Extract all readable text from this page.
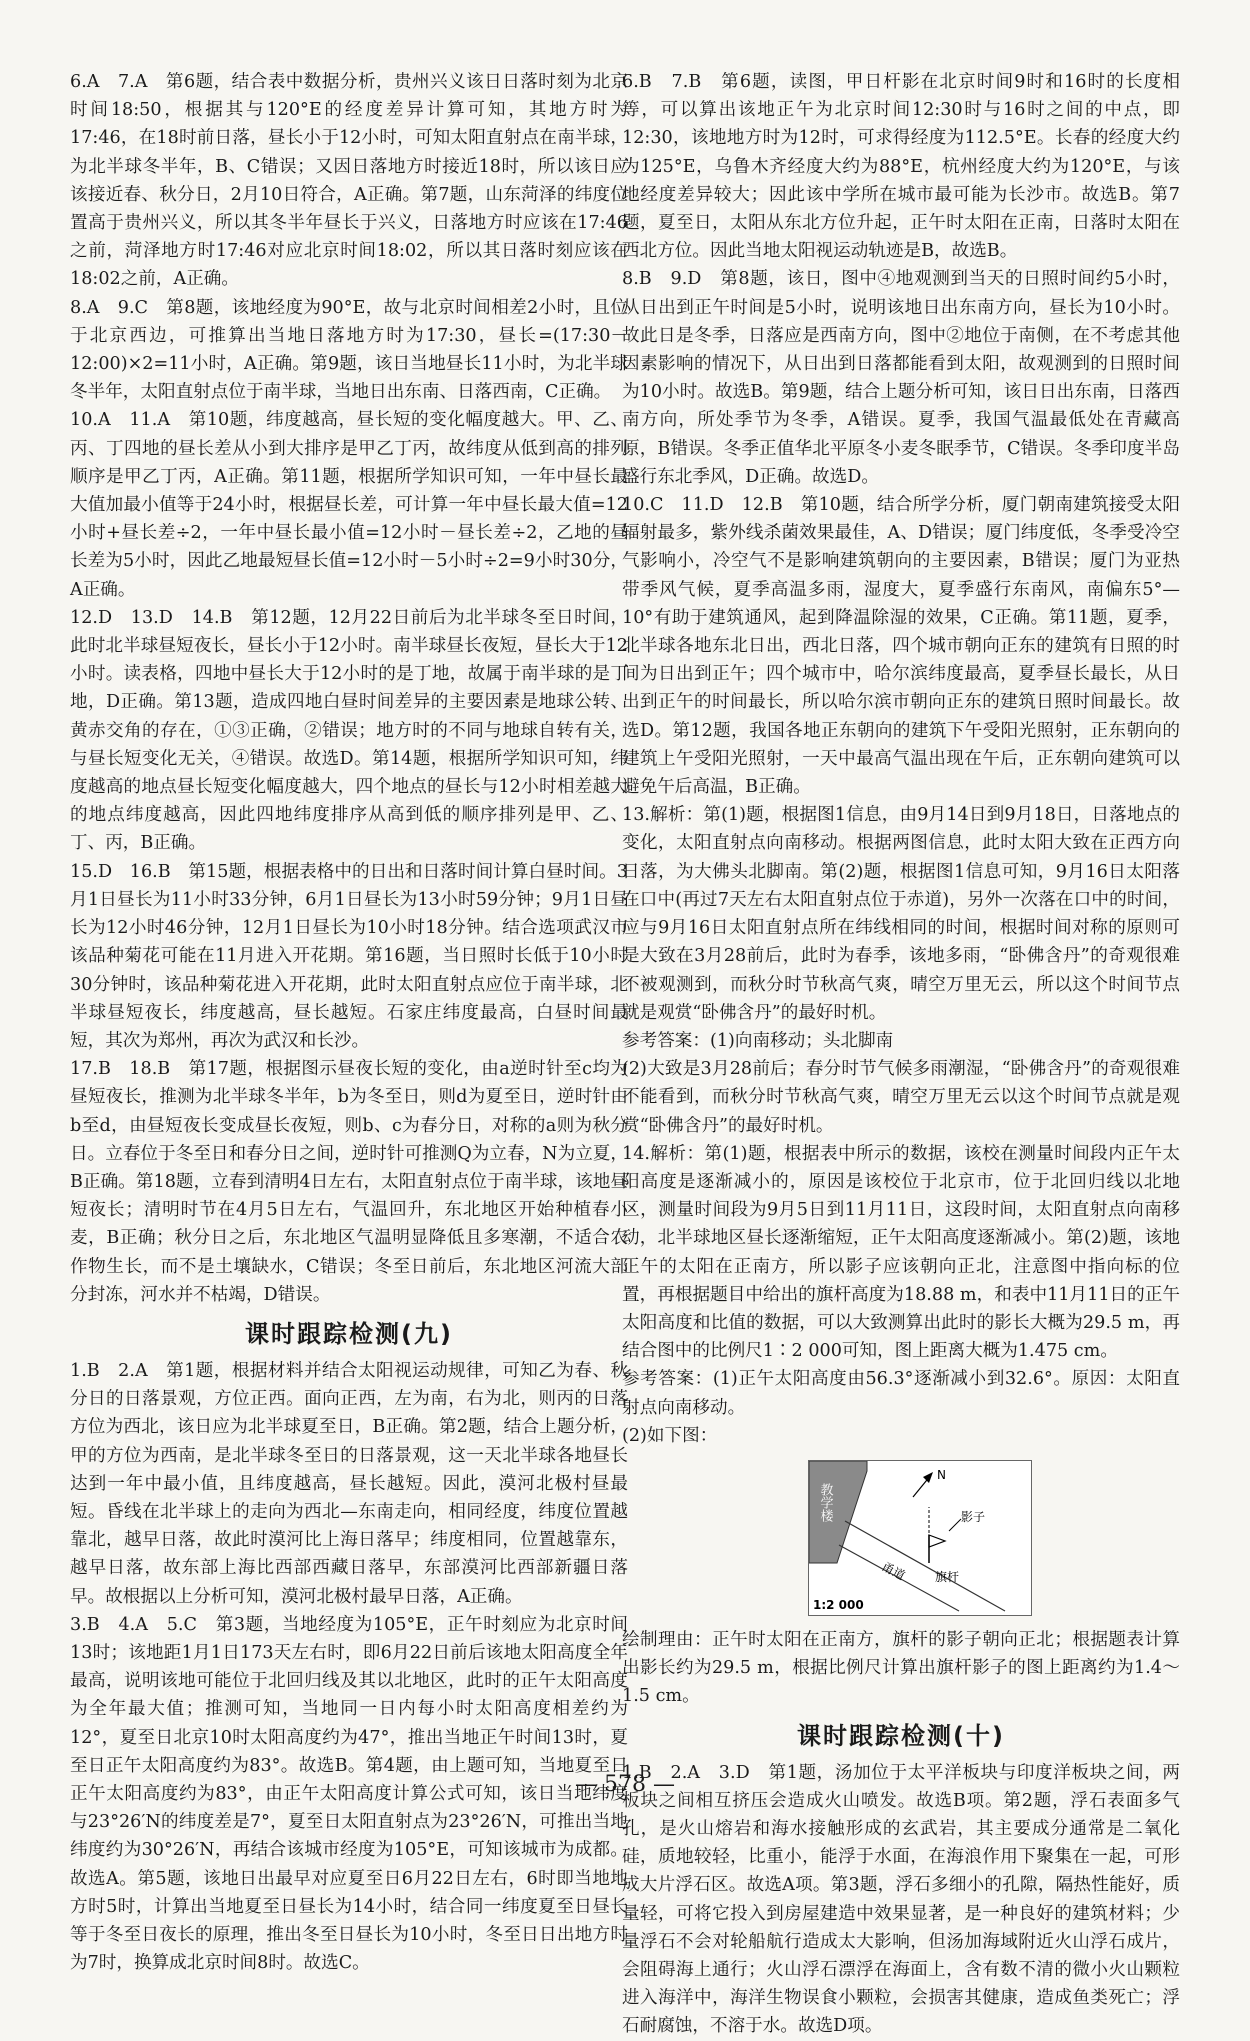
6.A　7.A　第6题，结合表中数据分析，贵州兴义该日日落时刻为北京时间18:50，根据其与120°E的经度差异计算可知，其地方时为17:46，在18时前日落，昼长小于12小时，可知太阳直射点在南半球，为北半球冬半年，B、C错误；又因日落地方时接近18时，所以该日应该接近春、秋分日，2月10日符合，A正确。第7题，山东菏泽的纬度位置高于贵州兴义，所以其冬半年昼长于兴义，日落地方时应该在17:46之前，菏泽地方时17:46对应北京时间18:02，所以其日落时刻应该在18:02之前，A正确。

8.A　9.C　第8题，该地经度为90°E，故与北京时间相差2小时，且位于北京西边，可推算出当地日落地方时为17:30，昼长=(17:30－12:00)×2=11小时，A正确。第9题，该日当地昼长11小时，为北半球冬半年，太阳直射点位于南半球，当地日出东南、日落西南，C正确。

10.A　11.A　第10题，纬度越高，昼长短的变化幅度越大。甲、乙、丙、丁四地的昼长差从小到大排序是甲乙丁丙，故纬度从低到高的排列顺序是甲乙丁丙，A正确。第11题，根据所学知识可知，一年中昼长最大值加最小值等于24小时，根据昼长差，可计算一年中昼长最大值=12小时+昼长差÷2，一年中昼长最小值=12小时－昼长差÷2，乙地的昼长差为5小时，因此乙地最短昼长值=12小时－5小时÷2=9小时30分，A正确。

12.D　13.D　14.B　第12题，12月22日前后为北半球冬至日时间，此时北半球昼短夜长，昼长小于12小时。南半球昼长夜短，昼长大于12小时。读表格，四地中昼长大于12小时的是丁地，故属于南半球的是丁地，D正确。第13题，造成四地白昼时间差异的主要因素是地球公转、黄赤交角的存在，①③正确，②错误；地方时的不同与地球自转有关，与昼长短变化无关，④错误。故选D。第14题，根据所学知识可知，纬度越高的地点昼长短变化幅度越大，四个地点的昼长与12小时相差越大的地点纬度越高，因此四地纬度排序从高到低的顺序排列是甲、乙、丁、丙，B正确。

15.D　16.B　第15题，根据表格中的日出和日落时间计算白昼时间。3月1日昼长为11小时33分钟，6月1日昼长为13小时59分钟；9月1日昼长为12小时46分钟，12月1日昼长为10小时18分钟。结合选项武汉市该品种菊花可能在11月进入开花期。第16题，当日照时长低于10小时30分钟时，该品种菊花进入开花期，此时太阳直射点应位于南半球，北半球昼短夜长，纬度越高，昼长越短。石家庄纬度最高，白昼时间最短，其次为郑州，再次为武汉和长沙。

17.B　18.B　第17题，根据图示昼夜长短的变化，由a逆时针至c均为昼短夜长，推测为北半球冬半年，b为冬至日，则d为夏至日，逆时针由b至d，由昼短夜长变成昼长夜短，则b、c为春分日，对称的a则为秋分日。立春位于冬至日和春分日之间，逆时针可推测Q为立春，N为立夏，B正确。第18题，立春到清明4日左右，太阳直射点位于南半球，该地昼短夜长；清明时节在4月5日左右，气温回升，东北地区开始种植春小麦，B正确；秋分日之后，东北地区气温明显降低且多寒潮，不适合农作物生长，而不是土壤缺水，C错误；冬至日前后，东北地区河流大部分封冻，河水并不枯竭，D错误。

课时跟踪检测(九)

1.B　2.A　第1题，根据材料并结合太阳视运动规律，可知乙为春、秋分日的日落景观，方位正西。面向正西，左为南，右为北，则丙的日落方位为西北，该日应为北半球夏至日，B正确。第2题，结合上题分析，甲的方位为西南，是北半球冬至日的日落景观，这一天北半球各地昼长达到一年中最小值，且纬度越高，昼长越短。因此，漠河北极村昼最短。昏线在北半球上的走向为西北—东南走向，相同经度，纬度位置越靠北，越早日落，故此时漠河比上海日落早；纬度相同，位置越靠东，越早日落，故东部上海比西部西藏日落早，东部漠河比西部新疆日落早。故根据以上分析可知，漠河北极村最早日落，A正确。

3.B　4.A　5.C　第3题，当地经度为105°E，正午时刻应为北京时间13时；该地距1月1日173天左右时，即6月22日前后该地太阳高度全年最高，说明该地可能位于北回归线及其以北地区，此时的正午太阳高度为全年最大值；推测可知，当地同一日内每小时太阳高度相差约为12°，夏至日北京10时太阳高度约为47°，推出当地正午时间13时，夏至日正午太阳高度约为83°。故选B。第4题，由上题可知，当地夏至日正午太阳高度约为83°，由正午太阳高度计算公式可知，该日当地纬度与23°26′N的纬度差是7°，夏至日太阳直射点为23°26′N，可推出当地纬度约为30°26′N，再结合该城市经度为105°E，可知该城市为成都。故选A。第5题，该地日出最早对应夏至日6月22日左右，6时即当地地方时5时，计算出当地夏至日昼长为14小时，结合同一纬度夏至日昼长等于冬至日夜长的原理，推出冬至日昼长为10小时，冬至日日出地方时为7时，换算成北京时间8时。故选C。

6.B　7.B　第6题，读图，甲日杆影在北京时间9时和16时的长度相等，可以算出该地正午为北京时间12:30时与16时之间的中点，即12:30，该地地方时为12时，可求得经度为112.5°E。长春的经度大约为125°E，乌鲁木齐经度大约为88°E，杭州经度大约为120°E，与该地经度差异较大；因此该中学所在城市最可能为长沙市。故选B。第7题，夏至日，太阳从东北方位升起，正午时太阳在正南，日落时太阳在西北方位。因此当地太阳视运动轨迹是B，故选B。

8.B　9.D　第8题，该日，图中④地观测到当天的日照时间约5小时，从日出到正午时间是5小时，说明该地日出东南方向，昼长为10小时。故此日是冬季，日落应是西南方向，图中②地位于南侧，在不考虑其他因素影响的情况下，从日出到日落都能看到太阳，故观测到的日照时间为10小时。故选B。第9题，结合上题分析可知，该日日出东南，日落西南方向，所处季节为冬季，A错误。夏季，我国气温最低处在青藏高原，B错误。冬季正值华北平原冬小麦冬眠季节，C错误。冬季印度半岛盛行东北季风，D正确。故选D。

10.C　11.D　12.B　第10题，结合所学分析，厦门朝南建筑接受太阳辐射最多，紫外线杀菌效果最佳，A、D错误；厦门纬度低，冬季受冷空气影响小，冷空气不是影响建筑朝向的主要因素，B错误；厦门为亚热带季风气候，夏季高温多雨，湿度大，夏季盛行东南风，南偏东5°—10°有助于建筑通风，起到降温除湿的效果，C正确。第11题，夏季，北半球各地东北日出，西北日落，四个城市朝向正东的建筑有日照的时间为日出到正午；四个城市中，哈尔滨纬度最高，夏季昼长最长，从日出到正午的时间最长，所以哈尔滨市朝向正东的建筑日照时间最长。故选D。第12题，我国各地正东朝向的建筑下午受阳光照射，正东朝向的建筑上午受阳光照射，一天中最高气温出现在午后，正东朝向建筑可以避免午后高温，B正确。

13.解析：第(1)题，根据图1信息，由9月14日到9月18日，日落地点的变化，太阳直射点向南移动。根据两图信息，此时太阳大致在正西方向日落，为大佛头北脚南。第(2)题，根据图1信息可知，9月16日太阳落在口中(再过7天左右太阳直射点位于赤道)，另外一次落在口中的时间，应与9月16日太阳直射点所在纬线相同的时间，根据时间对称的原则可是大致在3月28前后，此时为春季，该地多雨，“卧佛含丹”的奇观很难不被观测到，而秋分时节秋高气爽，晴空万里无云，所以这个时间节点就是观赏“卧佛含丹”的最好时机。

参考答案：(1)向南移动；头北脚南

(2)大致是3月28前后；春分时节气候多雨潮湿，“卧佛含丹”的奇观很难不能看到，而秋分时节秋高气爽，晴空万里无云以这个时间节点就是观赏“卧佛含丹”的最好时机。

14.解析：第(1)题，根据表中所示的数据，该校在测量时间段内正午太阳高度是逐渐减小的，原因是该校位于北京市，位于北回归线以北地区，测量时间段为9月5日到11月11日，这段时间，太阳直射点向南移动，北半球地区昼长逐渐缩短，正午太阳高度逐渐减小。第(2)题，该地正午的太阳在正南方，所以影子应该朝向正北，注意图中指向标的位置，再根据题目中给出的旗杆高度为18.88 m，和表中11月11日的正午太阳高度和比值的数据，可以大致测算出此时的影长大概为29.5 m，再结合图中的比例尺1∶2 000可知，图上距离大概为1.475 cm。

参考答案：(1)正午太阳高度由56.3°逐渐减小到32.6°。原因：太阳直射点向南移动。

(2)如下图：

教学楼
甬道 旗杆
影子
N
1:2 000

绘制理由：正午时太阳在正南方，旗杆的影子朝向正北；根据题表计算出影长约为29.5 m，根据比例尺计算出旗杆影子的图上距离约为1.4～1.5 cm。

课时跟踪检测(十)

1.B　2.A　3.D　第1题，汤加位于太平洋板块与印度洋板块之间，两板块之间相互挤压会造成火山喷发。故选B项。第2题，浮石表面多气孔，是火山熔岩和海水接触形成的玄武岩，其主要成分通常是二氧化硅，质地较轻，比重小，能浮于水面，在海浪作用下聚集在一起，可形成大片浮石区。故选A项。第3题，浮石多细小的孔隙，隔热性能好，质量轻，可将它投入到房屋建造中效果显著，是一种良好的建筑材料；少量浮石不会对轮船航行造成太大影响，但汤加海域附近火山浮石成片，会阻碍海上通行；火山浮石漂浮在海面上，含有数不清的微小火山颗粒进入海洋中，海洋生物误食小颗粒，会损害其健康，造成鱼类死亡；浮石耐腐蚀，不溶于水。故选D项。

— 578 —
